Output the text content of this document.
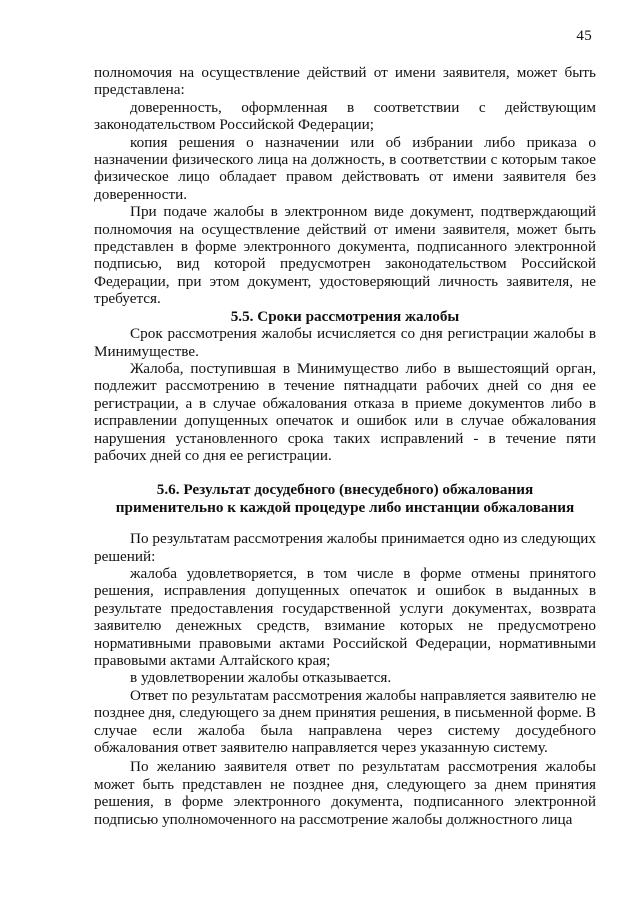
45

полномочия на осуществление действий от имени заявителя, может быть представлена:

доверенность, оформленная в соответствии с действующим законодательством Российской Федерации;

копия решения о назначении или об избрании либо приказа о назначении физического лица на должность, в соответствии с которым такое физическое лицо обладает правом действовать от имени заявителя без доверенности.

При подаче жалобы в электронном виде документ, подтверждающий полномочия на осуществление действий от имени заявителя, может быть представлен в форме электронного документа, подписанного электронной подписью, вид которой предусмотрен законодательством Российской Федерации, при этом документ, удостоверяющий личность заявителя, не требуется.

5.5. Сроки рассмотрения жалобы

Срок рассмотрения жалобы исчисляется со дня регистрации жалобы в Минимуществе.

Жалоба, поступившая в Минимущество либо в вышестоящий орган, подлежит рассмотрению в течение пятнадцати рабочих дней со дня ее регистрации, а в случае обжалования отказа в приеме документов либо в исправлении допущенных опечаток и ошибок или в случае обжалования нарушения установленного срока таких исправлений - в течение пяти рабочих дней со дня ее регистрации.

5.6. Результат досудебного (внесудебного) обжалования
применительно к каждой процедуре либо инстанции обжалования

По результатам рассмотрения жалобы принимается одно из следующих решений:

жалоба удовлетворяется, в том числе в форме отмены принятого решения, исправления допущенных опечаток и ошибок в выданных в результате предоставления государственной услуги документах, возврата заявителю денежных средств, взимание которых не предусмотрено нормативными правовыми актами Российской Федерации, нормативными правовыми актами Алтайского края;

в удовлетворении жалобы отказывается.

Ответ по результатам рассмотрения жалобы направляется заявителю не позднее дня, следующего за днем принятия решения, в письменной форме. В случае если жалоба была направлена через систему досудебного обжалования ответ заявителю направляется через указанную систему.

По желанию заявителя ответ по результатам рассмотрения жалобы может быть представлен не позднее дня, следующего за днем принятия решения, в форме электронного документа, подписанного электронной подписью уполномоченного на рассмотрение жалобы должностного лица
